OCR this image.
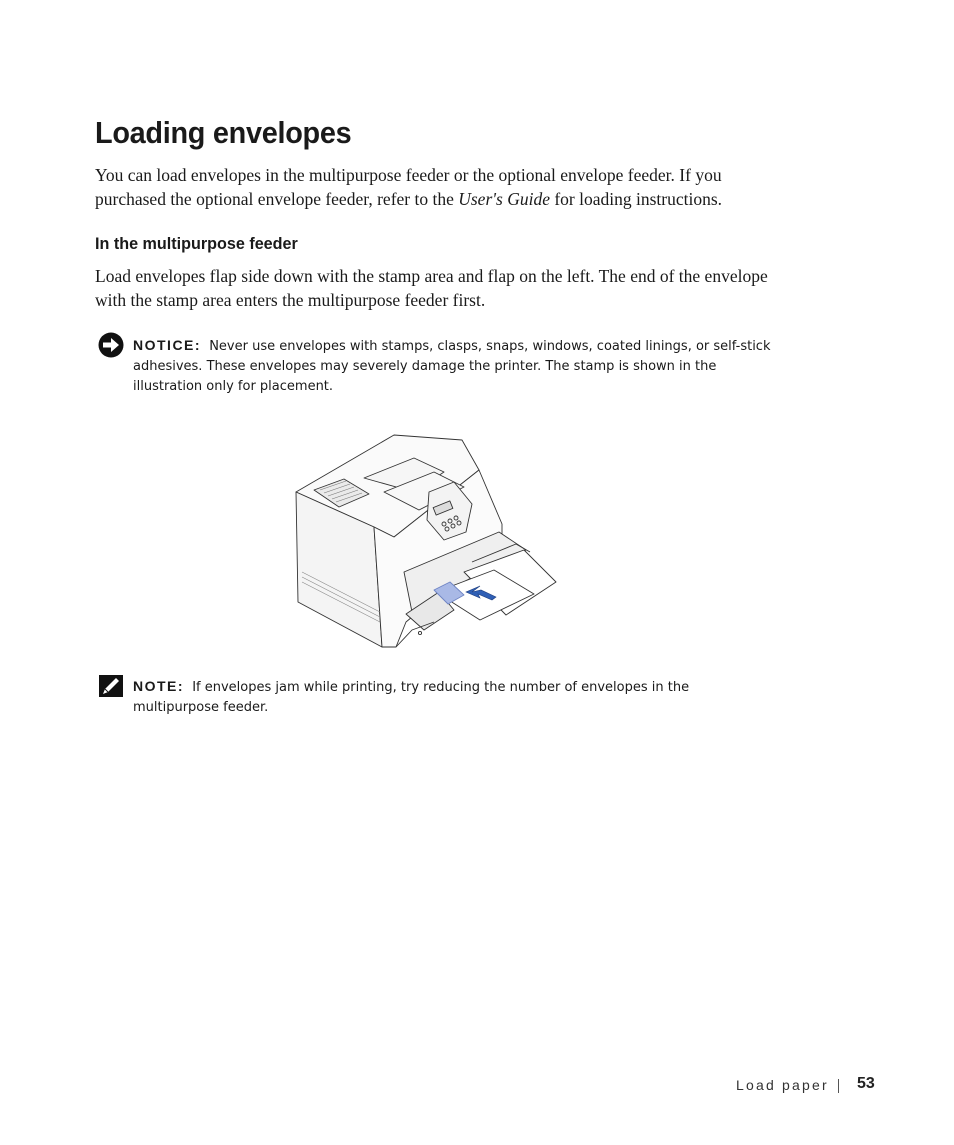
Loading envelopes

You can load envelopes in the multipurpose feeder or the optional envelope feeder. If you purchased the optional envelope feeder, refer to the User's Guide for loading instructions.

In the multipurpose feeder

Load envelopes flap side down with the stamp area and flap on the left. The end of the envelope with the stamp area enters the multipurpose feeder first.

NOTICE: Never use envelopes with stamps, clasps, snaps, windows, coated linings, or self-stick adhesives. These envelopes may severely damage the printer. The stamp is shown in the illustration only for placement.

NOTE: If envelopes jam while printing, try reducing the number of envelopes in the multipurpose feeder.

Load paper 53
